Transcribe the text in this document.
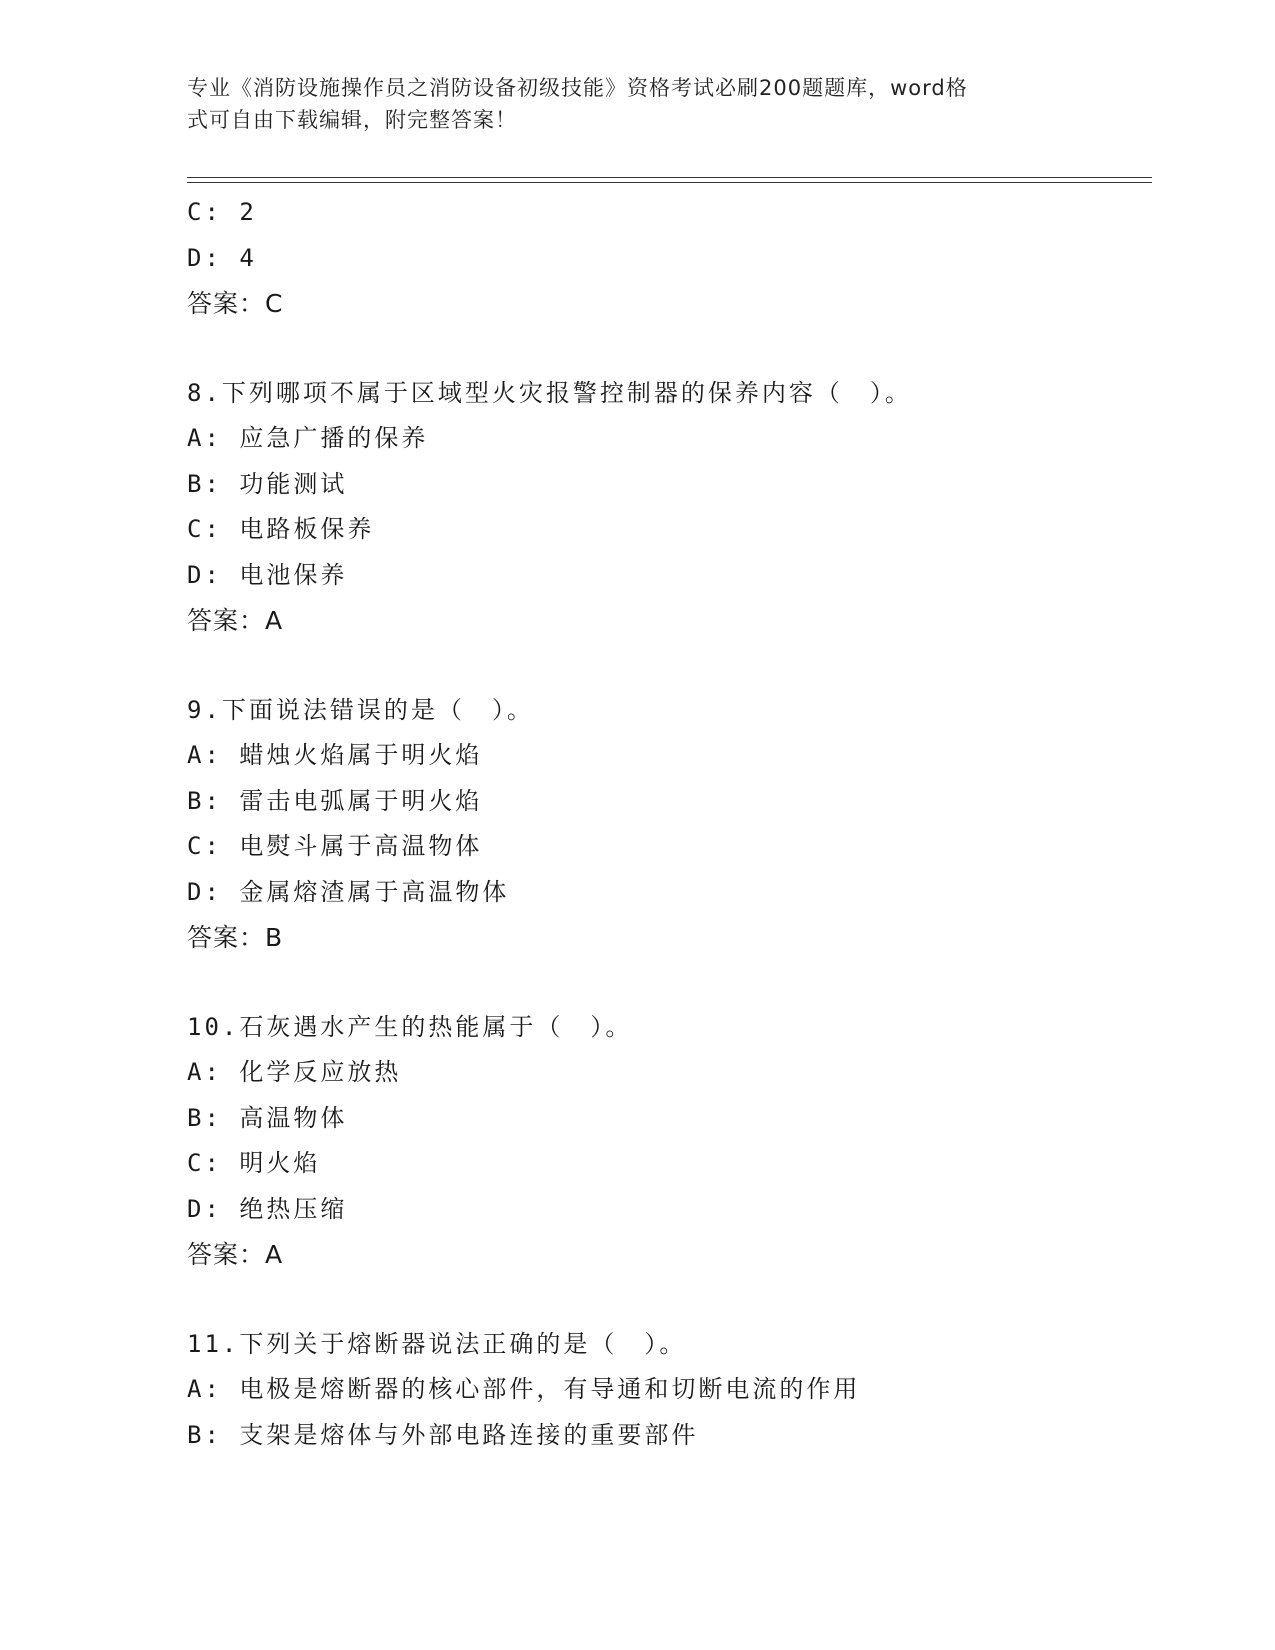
专业《消防设施操作员之消防设备初级技能》资格考试必刷200题题库，word格
式可自由下载编辑，附完整答案！
C: 2
D: 4
答案：C
8.下列哪项不属于区域型火灾报警控制器的保养内容（　）。
A: 应急广播的保养
B: 功能测试
C: 电路板保养
D: 电池保养
答案：A
9.下面说法错误的是（　）。
A: 蜡烛火焰属于明火焰
B: 雷击电弧属于明火焰
C: 电熨斗属于高温物体
D: 金属熔渣属于高温物体
答案：B
10.石灰遇水产生的热能属于（　）。
A: 化学反应放热
B: 高温物体
C: 明火焰
D: 绝热压缩
答案：A
11.下列关于熔断器说法正确的是（　）。
A: 电极是熔断器的核心部件，有导通和切断电流的作用
B: 支架是熔体与外部电路连接的重要部件
